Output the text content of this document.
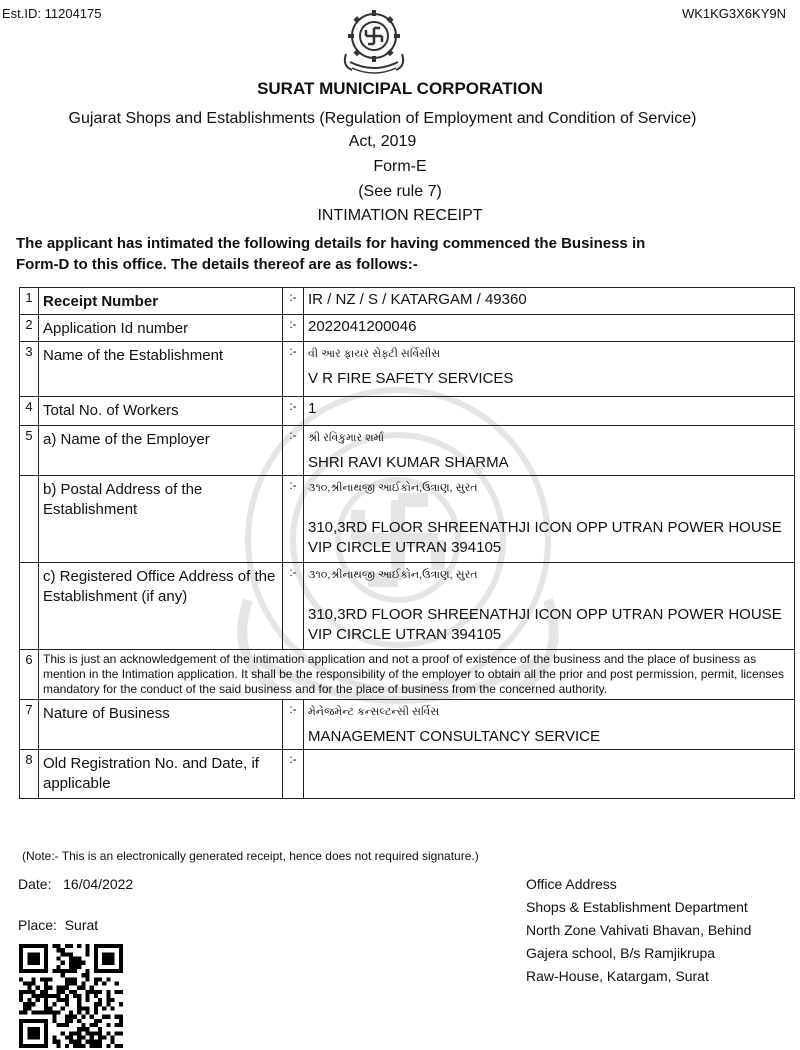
Est.ID: 11204175	WK1KG3X6KY9N
SURAT MUNICIPAL CORPORATION
Gujarat Shops and Establishments (Regulation of Employment and Condition of Service) Act, 2019
Form-E
(See rule 7)
INTIMATION RECEIPT
The applicant has intimated the following details for having commenced the Business in Form-D to this office. The details thereof are as follows:-
1	Receipt Number	:-	IR / NZ / S / KATARGAM / 49360
2	Application Id number	:-	2022041200046
3	Name of the Establishment	:-	વી આર ફાયર સેફ્ટી સર્વિસીસ
V R FIRE SAFETY SERVICES
4	Total No. of Workers	:-	1
5	a) Name of the Employer	:-	શ્રી રવિકુમાર શર્મા
SHRI RAVI KUMAR SHARMA
	b) Postal Address of the Establishment	:-	૩૧૦,શ્રીનાથજી આઈકોન,ઉત્રાણ, સુરત
310,3RD FLOOR SHREENATHJI ICON OPP UTRAN POWER HOUSE VIP CIRCLE UTRAN 394105
	c) Registered Office Address of the Establishment (if any)	:-	૩૧૦,શ્રીનાથજી આઈકોન,ઉત્રાણ, સુરત
310,3RD FLOOR SHREENATHJI ICON OPP UTRAN POWER HOUSE VIP CIRCLE UTRAN 394105
6	This is just an acknowledgement of the intimation application and not a proof of existence of the business and the place of business as mention in the Intimation application. It shall be the responsibility of the employer to obtain all the prior and post permission, permit, licenses mandatory for the conduct of the said business and for the place of business from the concerned authority.		
7	Nature of Business	:-	મેનેજમેન્ટ કન્સલ્ટન્સી સર્વિસ
MANAGEMENT CONSULTANCY SERVICE
8	Old Registration No. and Date, if applicable	:-	
(Note:- This is an electronically generated receipt, hence does not required signature.)
Date: 16/04/2022
Place: Surat
Office Address
Shops & Establishment Department
North Zone Vahivati Bhavan, Behind
Gajera school, B/s Ramjikrupa
Raw-House, Katargam, Surat
